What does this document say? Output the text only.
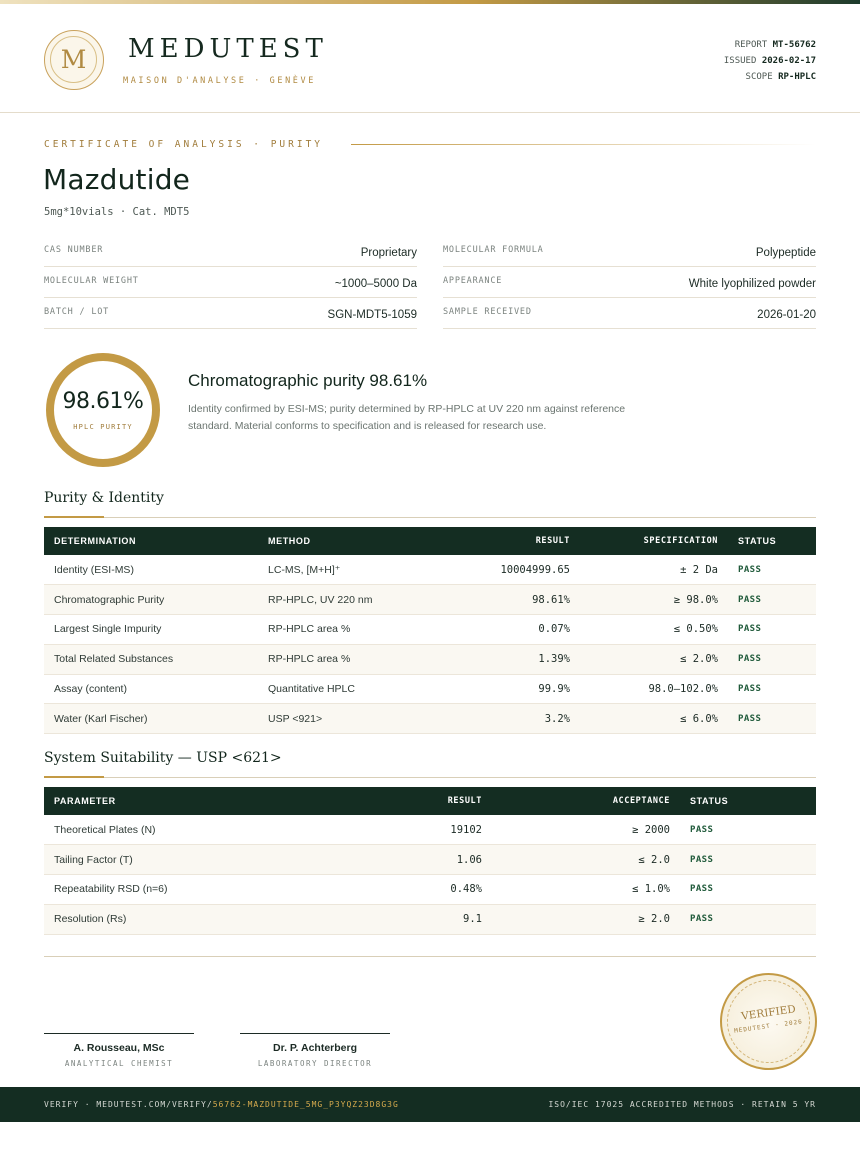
M	MEDUTEST
MAISON D'ANALYSE · GENÈVE
REPORT MT-56762
ISSUED 2026-02-17
SCOPE RP-HPLC
CERTIFICATE OF ANALYSIS · PURITY
Mazdutide
5mg*10vials · Cat. MDT5
CAS NUMBER	Proprietary	MOLECULAR FORMULA	Polypeptide
MOLECULAR WEIGHT	~1000–5000 Da	APPEARANCE	White lyophilized powder
BATCH / LOT	SGN-MDT5-1059	SAMPLE RECEIVED	2026-01-20
98.61%
HPLC PURITY
Chromatographic purity 98.61%
Identity confirmed by ESI-MS; purity determined by RP-HPLC at UV 220 nm against reference standard. Material conforms to specification and is released for research use.
Purity & Identity
DETERMINATION	METHOD	RESULT	SPECIFICATION	STATUS
Identity (ESI-MS)	LC-MS, [M+H]⁺	10004999.65	± 2 Da	PASS
Chromatographic Purity	RP-HPLC, UV 220 nm	98.61%	≥ 98.0%	PASS
Largest Single Impurity	RP-HPLC area %	0.07%	≤ 0.50%	PASS
Total Related Substances	RP-HPLC area %	1.39%	≤ 2.0%	PASS
Assay (content)	Quantitative HPLC	99.9%	98.0–102.0%	PASS
Water (Karl Fischer)	USP <921>	3.2%	≤ 6.0%	PASS
System Suitability — USP <621>
PARAMETER	RESULT	ACCEPTANCE	STATUS
Theoretical Plates (N)	19102	≥ 2000	PASS
Tailing Factor (T)	1.06	≤ 2.0	PASS
Repeatability RSD (n=6)	0.48%	≤ 1.0%	PASS
Resolution (Rs)	9.1	≥ 2.0	PASS
A. Rousseau, MSc
ANALYTICAL CHEMIST
Dr. P. Achterberg
LABORATORY DIRECTOR
VERIFIED
MEDUTEST · 2026
VERIFY · MEDUTEST.COM/VERIFY/56762-MAZDUTIDE_5MG_P3YQZ23D8G3G	ISO/IEC 17025 ACCREDITED METHODS · RETAIN 5 YR
